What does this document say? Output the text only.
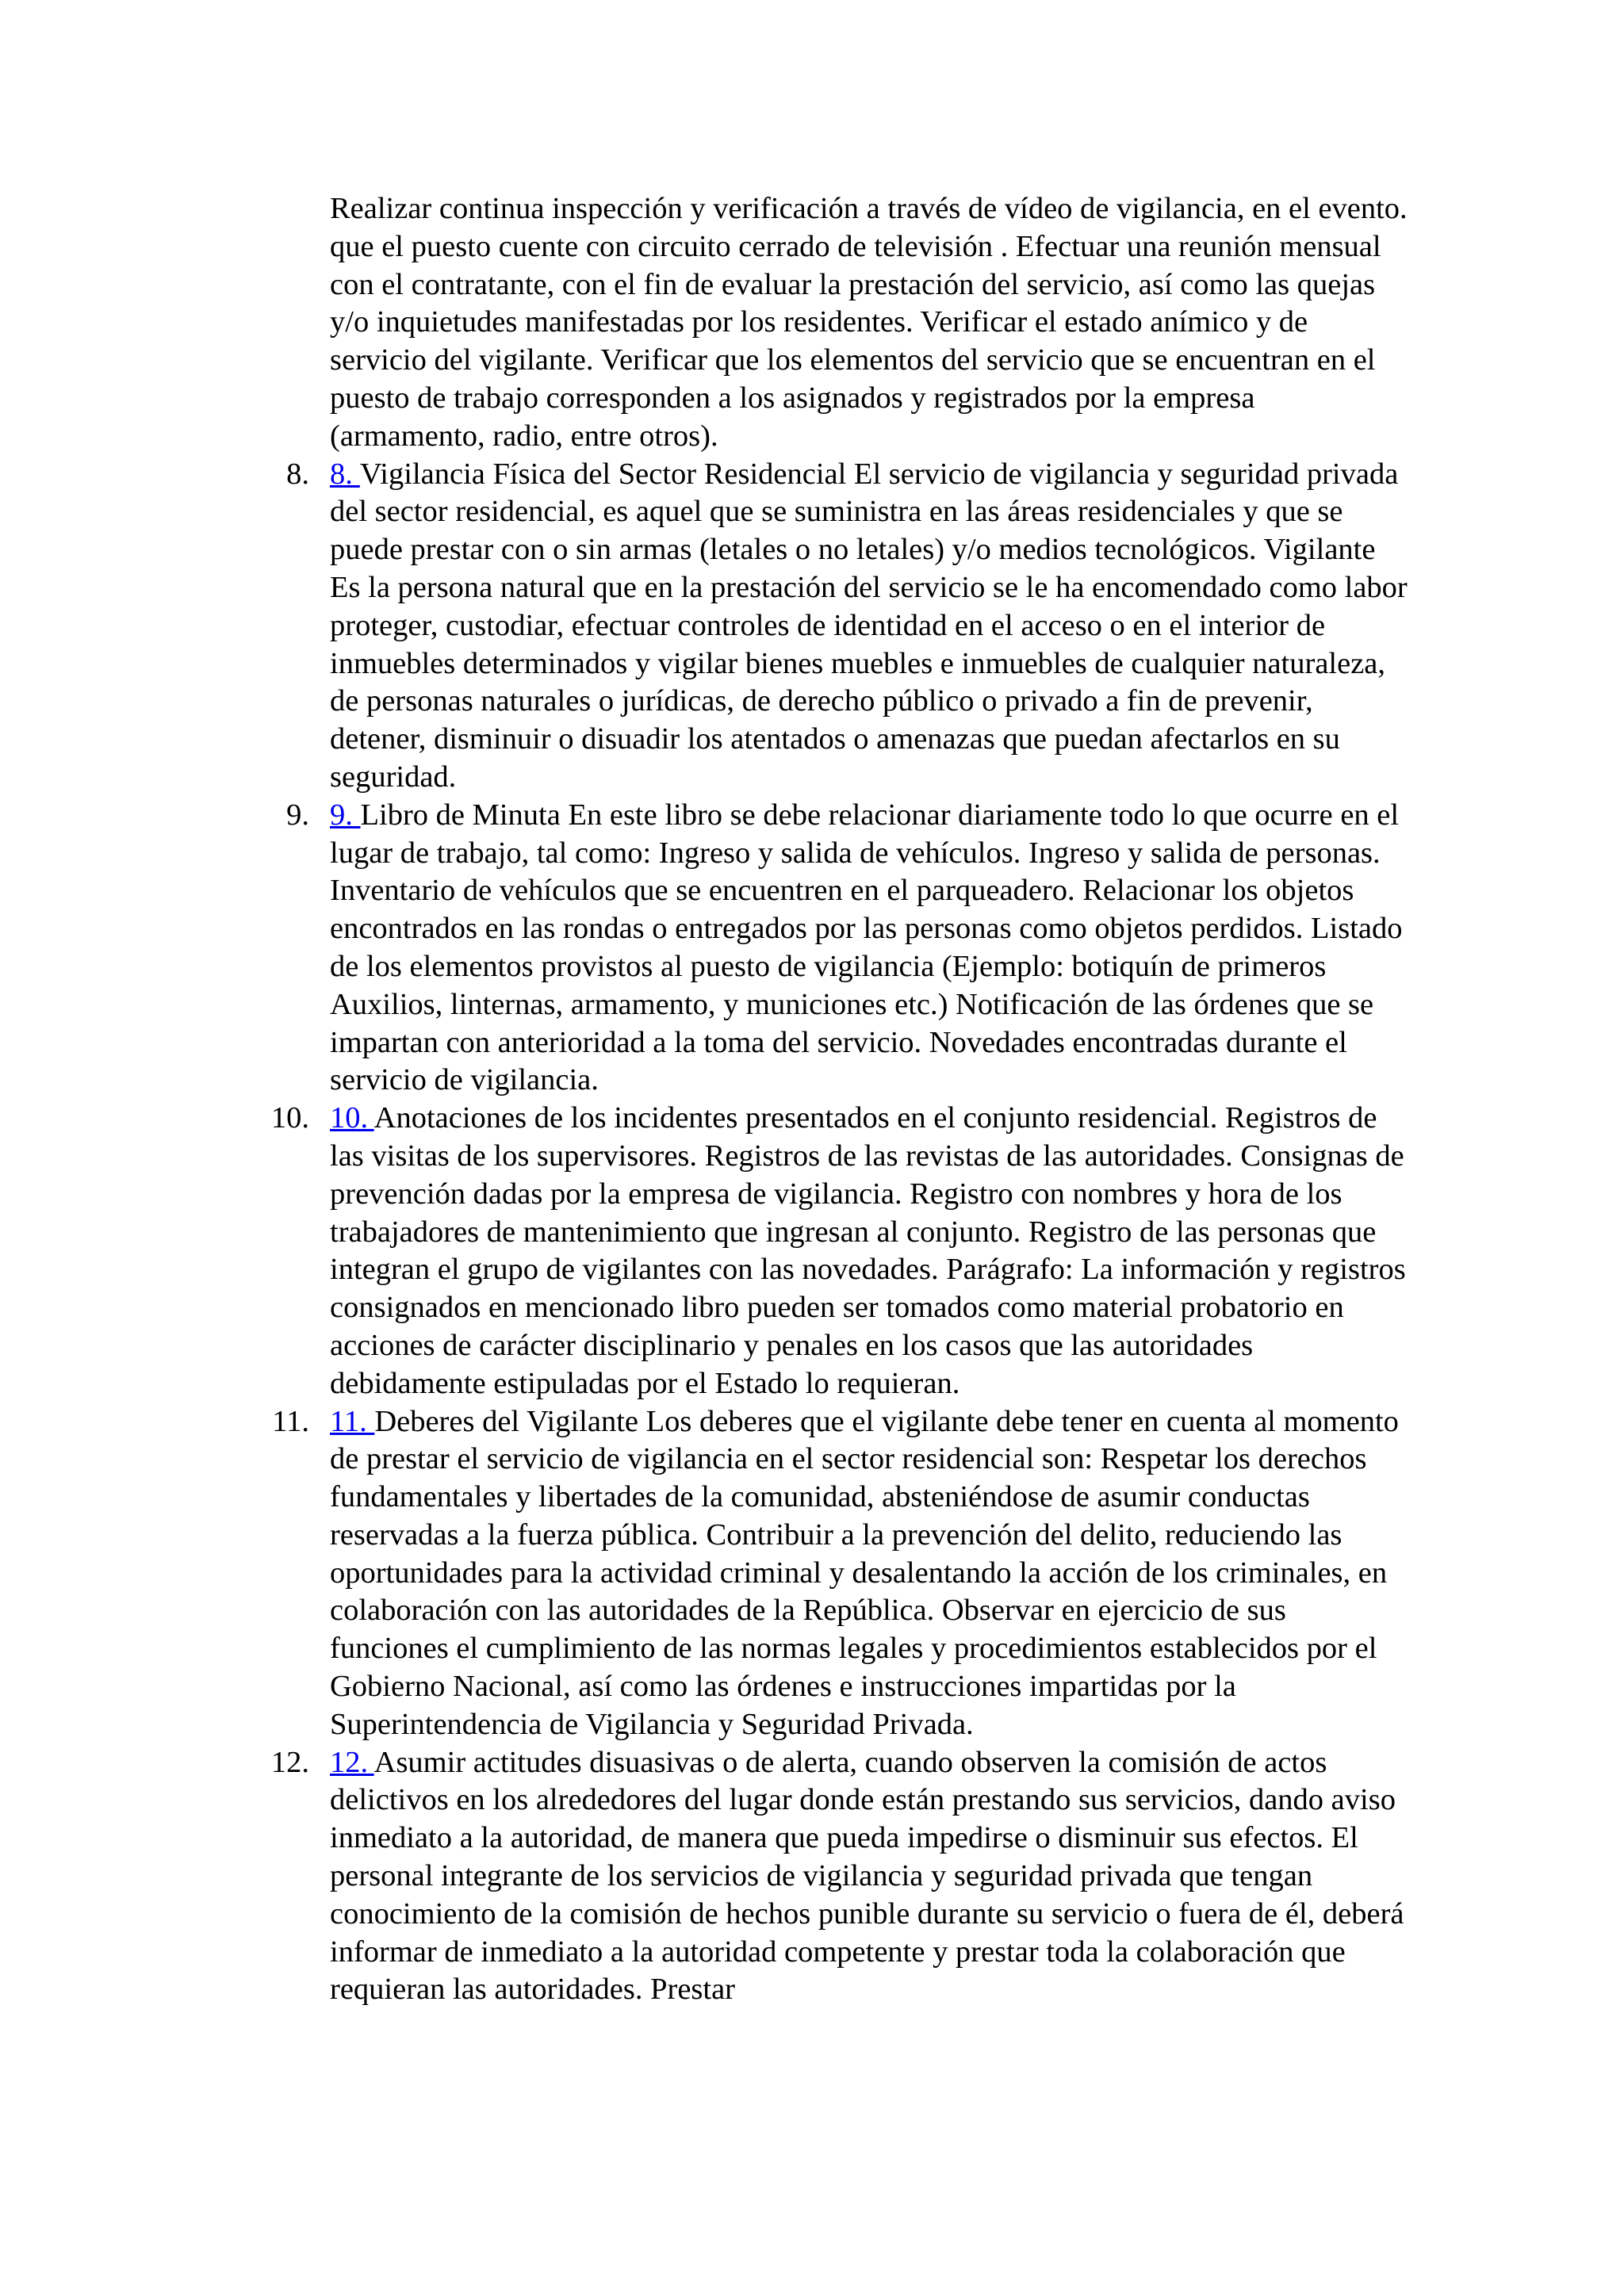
Realizar continua inspección y verificación a través de vídeo de vigilancia, en el evento. que el puesto cuente con circuito cerrado de televisión . Efectuar una reunión mensual con el contratante, con el fin de evaluar la prestación del servicio, así como las quejas y/o inquietudes manifestadas por los residentes. Verificar el estado anímico y de servicio del vigilante. Verificar que los elementos del servicio que se encuentran en el puesto de trabajo corresponden a los asignados y registrados por la empresa (armamento, radio, entre otros).

8. 8. Vigilancia Física del Sector Residencial El servicio de vigilancia y seguridad privada del sector residencial, es aquel que se suministra en las áreas residenciales y que se puede prestar con o sin armas (letales o no letales) y/o medios tecnológicos. Vigilante Es la persona natural que en la prestación del servicio se le ha encomendado como labor proteger, custodiar, efectuar controles de identidad en el acceso o en el interior de inmuebles determinados y vigilar bienes muebles e inmuebles de cualquier naturaleza, de personas naturales o jurídicas, de derecho público o privado a fin de prevenir, detener, disminuir o disuadir los atentados o amenazas que puedan afectarlos en su seguridad.
9. 9. Libro de Minuta En este libro se debe relacionar diariamente todo lo que ocurre en el lugar de trabajo, tal como: Ingreso y salida de vehículos. Ingreso y salida de personas. Inventario de vehículos que se encuentren en el parqueadero. Relacionar los objetos encontrados en las rondas o entregados por las personas como objetos perdidos. Listado de los elementos provistos al puesto de vigilancia (Ejemplo: botiquín de primeros Auxilios, linternas, armamento, y municiones etc.) Notificación de las órdenes que se impartan con anterioridad a la toma del servicio. Novedades encontradas durante el servicio de vigilancia.
10. 10. Anotaciones de los incidentes presentados en el conjunto residencial. Registros de las visitas de los supervisores. Registros de las revistas de las autoridades. Consignas de prevención dadas por la empresa de vigilancia. Registro con nombres y hora de los trabajadores de mantenimiento que ingresan al conjunto. Registro de las personas que integran el grupo de vigilantes con las novedades. Parágrafo: La información y registros consignados en mencionado libro pueden ser tomados como material probatorio en acciones de carácter disciplinario y penales en los casos que las autoridades debidamente estipuladas por el Estado lo requieran.
11. 11. Deberes del Vigilante Los deberes que el vigilante debe tener en cuenta al momento de prestar el servicio de vigilancia en el sector residencial son: Respetar los derechos fundamentales y libertades de la comunidad, absteniéndose de asumir conductas reservadas a la fuerza pública. Contribuir a la prevención del delito, reduciendo las oportunidades para la actividad criminal y desalentando la acción de los criminales, en colaboración con las autoridades de la República. Observar en ejercicio de sus funciones el cumplimiento de las normas legales y procedimientos establecidos por el Gobierno Nacional, así como las órdenes e instrucciones impartidas por la Superintendencia de Vigilancia y Seguridad Privada.
12. 12. Asumir actitudes disuasivas o de alerta, cuando observen la comisión de actos delictivos en los alrededores del lugar donde están prestando sus servicios, dando aviso inmediato a la autoridad, de manera que pueda impedirse o disminuir sus efectos. El personal integrante de los servicios de vigilancia y seguridad privada que tengan conocimiento de la comisión de hechos punible durante su servicio o fuera de él, deberá informar de inmediato a la autoridad competente y prestar toda la colaboración que requieran las autoridades. Prestar
